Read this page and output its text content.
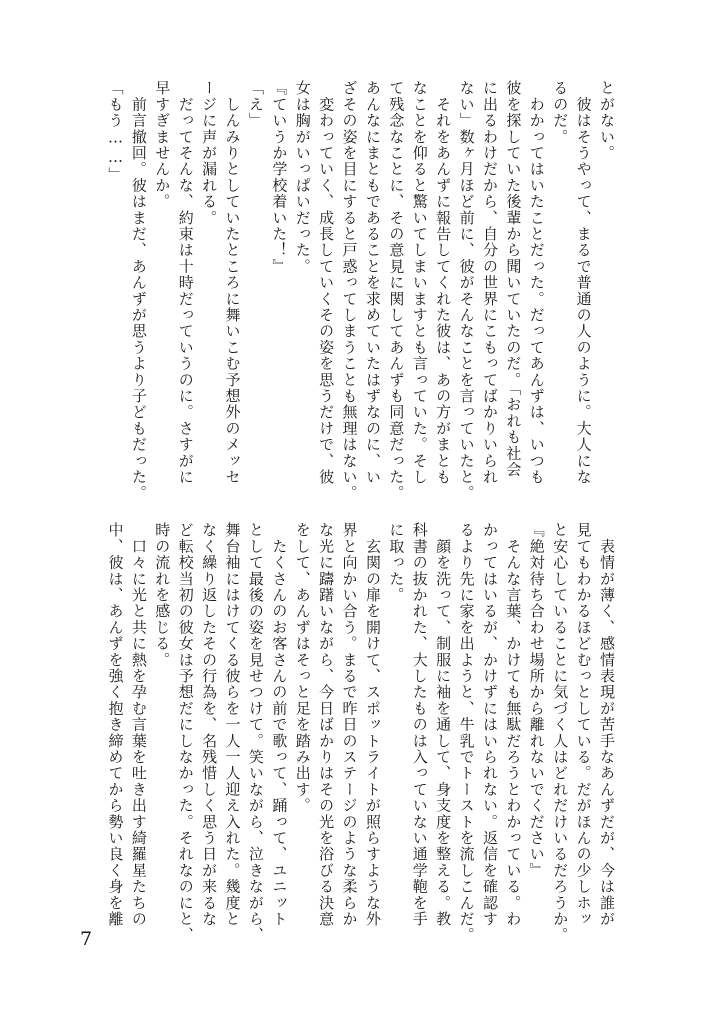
とがない。
　彼はそうやって、まるで普通の人のように。大人にな
るのだ。
　わかってはいたことだった。だってあんずは、いつも
彼を探していた後輩から聞いていたのだ。「おれも社会
に出るわけだから、自分の世界にこもってばかりいられ
ない」数ヶ月ほど前に、彼がそんなことを言っていたと。
　それをあんずに報告してくれた彼は、あの方がまとも
なことを仰ると驚いてしまいますとも言っていた。そし
て残念なことに、その意見に関してあんずも同意だった。
あんなにまともであることを求めていたはずなのに、い
ざその姿を目にすると戸惑ってしまうことも無理はない。
　変わっていく、成長していくその姿を思うだけで、彼
女は胸がいっぱいだった。
『ていうか学校着いた！』
「え」
　しんみりとしていたところに舞いこむ予想外のメッセ
ージに声が漏れる。
　だってそんな、約束は十時だっていうのに。さすがに
早すぎませんか。
　前言撤回。彼はまだ、あんずが思うより子どもだった。
「もう……」
　表情が薄く、感情表現が苦手なあんずだが、今は誰が
見てもわかるほどむっとしている。だがほんの少しホッ
と安心していることに気づく人はどれだけいるだろうか。
『絶対待ち合わせ場所から離れないでください』
　そんな言葉、かけても無駄だろうとわかっている。わ
かってはいるが、かけずにはいられない。返信を確認す
るより先に家を出ようと、牛乳でトーストを流しこんだ。
　顔を洗って、制服に袖を通して、身支度を整える。教
科書の抜かれた、大したものは入っていない通学鞄を手
に取った。
　玄関の扉を開けて、スポットライトが照らすような外
界と向かい合う。まるで昨日のステージのような柔らか
な光に躊躇いながら、今日ばかりはその光を浴びる決意
をして、あんずはそっと足を踏み出す。
　たくさんのお客さんの前で歌って、踊って、ユニット
として最後の姿を見せつけて。笑いながら、泣きながら、
舞台袖にはけてくる彼らを一人一人迎え入れた。幾度と
なく繰り返したその行為を、名残惜しく思う日が来るな
ど転校当初の彼女は予想だにしなかった。それなのにと、
時の流れを感じる。
　口々に光と共に熱を孕む言葉を吐き出す綺羅星たちの
中、彼は、あんずを強く抱き締めてから勢い良く身を離
7
